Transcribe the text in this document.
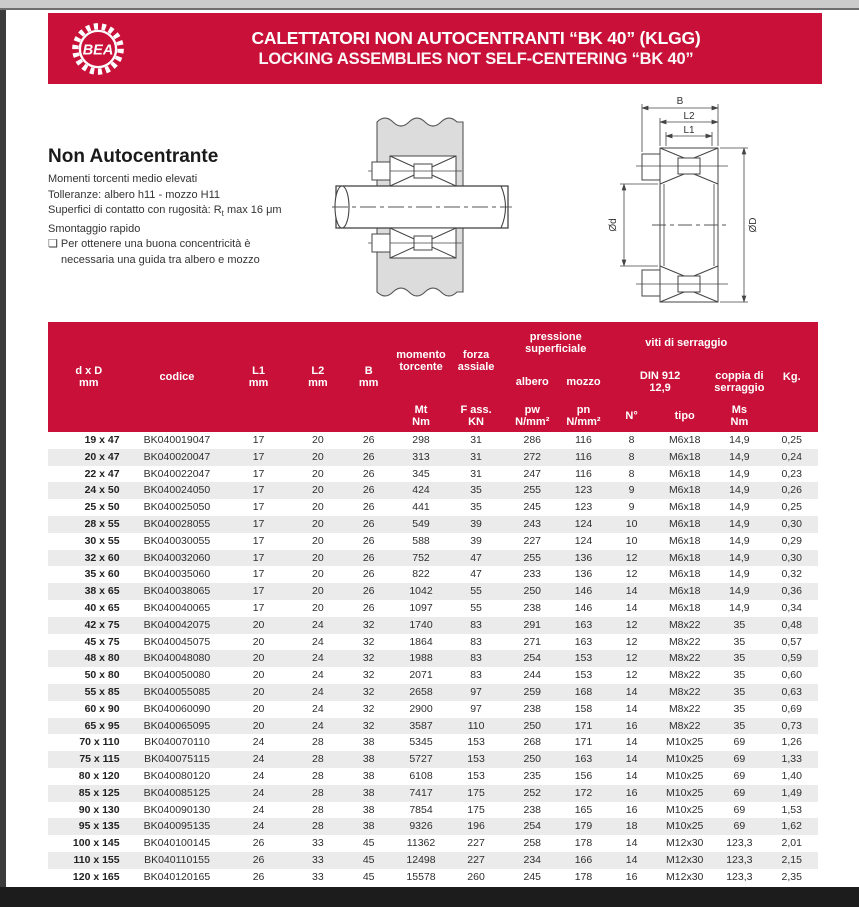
BEA
CALETTATORI NON AUTOCENTRANTI “BK 40” (KLGG)
LOCKING ASSEMBLIES NOT SELF-CENTERING “BK 40”
Non Autocentrante
Momenti torcenti medio elevati
Tolleranze: albero h11 - mozzo H11
Superfici di contatto con rugosità: $R_t$ max 16 μm
Smontaggio rapido
❏ Per ottenere una buona concentricità è
necessaria una guida tra albero e mozzo
B
L2
L1
Ød	ØD
d x D
mm	codice	L1
mm	L2
mm	B
mm	momento
torcente	forza
assiale	pressione
superficiale		viti di serraggio			Kg.
							albero	mozzo	DIN 912
12,9		coppia di
serraggio	
					Mt
Nm	F ass.
KN	pw
N/mm²	pn
N/mm²	N°	tipo	Ms
Nm	
19 x 47	BK040019047	17	20	26	298	31	286	116	8	M6x18	14,9	0,25
20 x 47	BK040020047	17	20	26	313	31	272	116	8	M6x18	14,9	0,24
22 x 47	BK040022047	17	20	26	345	31	247	116	8	M6x18	14,9	0,23
24 x 50	BK040024050	17	20	26	424	35	255	123	9	M6x18	14,9	0,26
25 x 50	BK040025050	17	20	26	441	35	245	123	9	M6x18	14,9	0,25
28 x 55	BK040028055	17	20	26	549	39	243	124	10	M6x18	14,9	0,30
30 x 55	BK040030055	17	20	26	588	39	227	124	10	M6x18	14,9	0,29
32 x 60	BK040032060	17	20	26	752	47	255	136	12	M6x18	14,9	0,30
35 x 60	BK040035060	17	20	26	822	47	233	136	12	M6x18	14,9	0,32
38 x 65	BK040038065	17	20	26	1042	55	250	146	14	M6x18	14,9	0,36
40 x 65	BK040040065	17	20	26	1097	55	238	146	14	M6x18	14,9	0,34
42 x 75	BK040042075	20	24	32	1740	83	291	163	12	M8x22	35	0,48
45 x 75	BK040045075	20	24	32	1864	83	271	163	12	M8x22	35	0,57
48 x 80	BK040048080	20	24	32	1988	83	254	153	12	M8x22	35	0,59
50 x 80	BK040050080	20	24	32	2071	83	244	153	12	M8x22	35	0,60
55 x 85	BK040055085	20	24	32	2658	97	259	168	14	M8x22	35	0,63
60 x 90	BK040060090	20	24	32	2900	97	238	158	14	M8x22	35	0,69
65 x 95	BK040065095	20	24	32	3587	110	250	171	16	M8x22	35	0,73
70 x 110	BK040070110	24	28	38	5345	153	268	171	14	M10x25	69	1,26
75 x 115	BK040075115	24	28	38	5727	153	250	163	14	M10x25	69	1,33
80 x 120	BK040080120	24	28	38	6108	153	235	156	14	M10x25	69	1,40
85 x 125	BK040085125	24	28	38	7417	175	252	172	16	M10x25	69	1,49
90 x 130	BK040090130	24	28	38	7854	175	238	165	16	M10x25	69	1,53
95 x 135	BK040095135	24	28	38	9326	196	254	179	18	M10x25	69	1,62
100 x 145	BK040100145	26	33	45	11362	227	258	178	14	M12x30	123,3	2,01
110 x 155	BK040110155	26	33	45	12498	227	234	166	14	M12x30	123,3	2,15
120 x 165	BK040120165	26	33	45	15578	260	245	178	16	M12x30	123,3	2,35
